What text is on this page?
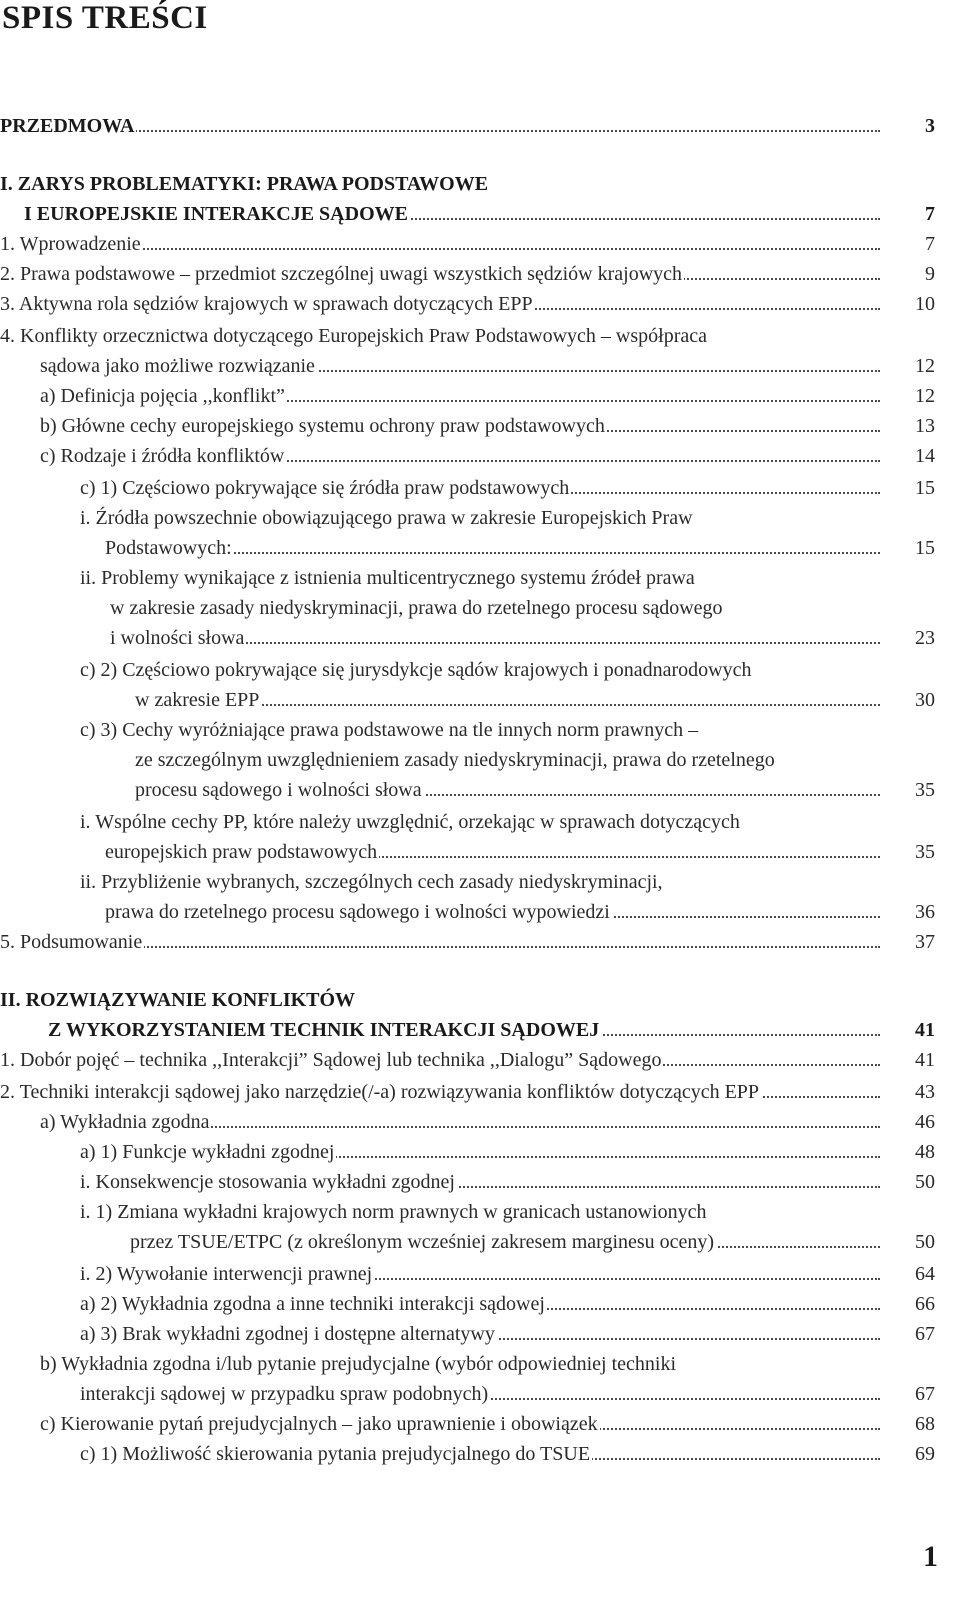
SPIS TREŚCI
PRZEDMOWA	3
I. ZARYS PROBLEMATYKI: PRAWA PODSTAWOWE
I EUROPEJSKIE INTERAKCJE SĄDOWE	7
1. Wprowadzenie	7
2. Prawa podstawowe – przedmiot szczególnej uwagi wszystkich sędziów krajowych	9
3. Aktywna rola sędziów krajowych w sprawach dotyczących EPP	10
4. Konflikty orzecznictwa dotyczącego Europejskich Praw Podstawowych – współpraca
sądowa jako możliwe rozwiązanie	12
a) Definicja pojęcia ,,konflikt”	12
b) Główne cechy europejskiego systemu ochrony praw podstawowych	13
c) Rodzaje i źródła konfliktów	14
c) 1) Częściowo pokrywające się źródła praw podstawowych	15
i. Źródła powszechnie obowiązującego prawa w zakresie Europejskich Praw
Podstawowych:	15
ii. Problemy wynikające z istnienia multicentrycznego systemu źródeł prawa
w zakresie zasady niedyskryminacji, prawa do rzetelnego procesu sądowego
i wolności słowa	23
c) 2) Częściowo pokrywające się jurysdykcje sądów krajowych i ponadnarodowych
w zakresie EPP	30
c) 3) Cechy wyróżniające prawa podstawowe na tle innych norm prawnych –
ze szczególnym uwzględnieniem zasady niedyskryminacji, prawa do rzetelnego
procesu sądowego i wolności słowa	35
i. Wspólne cechy PP, które należy uwzględnić, orzekając w sprawach dotyczących
europejskich praw podstawowych	35
ii. Przybliżenie wybranych, szczególnych cech zasady niedyskryminacji,
prawa do rzetelnego procesu sądowego i wolności wypowiedzi	36
5. Podsumowanie	37
II. ROZWIĄZYWANIE KONFLIKTÓW
Z WYKORZYSTANIEM TECHNIK INTERAKCJI SĄDOWEJ	41
1. Dobór pojęć – technika ,,Interakcji” Sądowej lub technika ,,Dialogu” Sądowego	41
2. Techniki interakcji sądowej jako narzędzie(/-a) rozwiązywania konfliktów dotyczących EPP	43
a) Wykładnia zgodna	46
a) 1) Funkcje wykładni zgodnej	48
i. Konsekwencje stosowania wykładni zgodnej	50
i. 1) Zmiana wykładni krajowych norm prawnych w granicach ustanowionych
przez TSUE/ETPC (z określonym wcześniej zakresem marginesu oceny)	50
i. 2) Wywołanie interwencji prawnej	64
a) 2) Wykładnia zgodna a inne techniki interakcji sądowej	66
a) 3) Brak wykładni zgodnej i dostępne alternatywy	67
b) Wykładnia zgodna i/lub pytanie prejudycjalne (wybór odpowiedniej techniki
interakcji sądowej w przypadku spraw podobnych)	67
c) Kierowanie pytań prejudycjalnych – jako uprawnienie i obowiązek	68
c) 1) Możliwość skierowania pytania prejudycjalnego do TSUE	69
1
